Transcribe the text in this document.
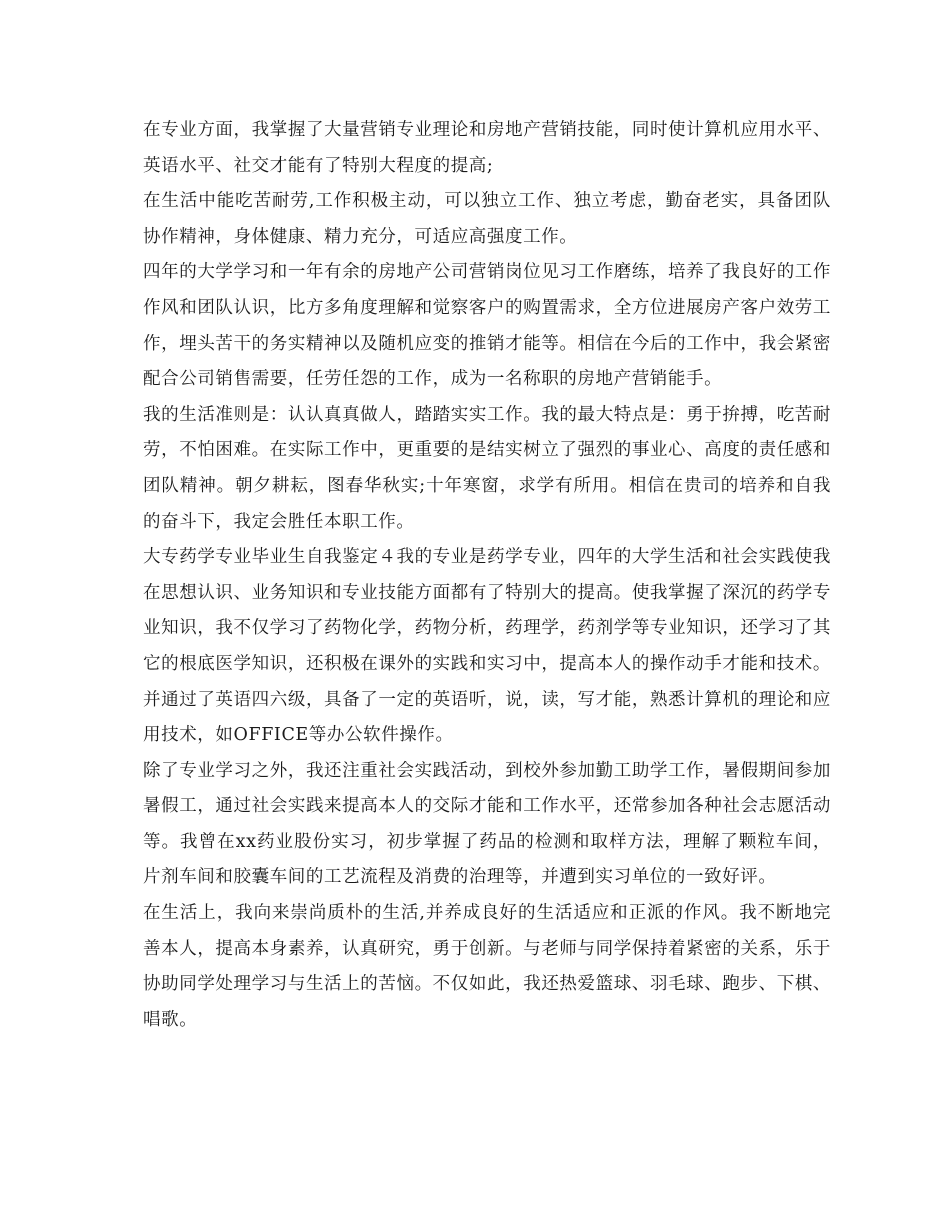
在专业方面，我掌握了大量营销专业理论和房地产营销技能，同时使计算机应用水平、英语水平、社交才能有了特别大程度的提高;

在生活中能吃苦耐劳,工作积极主动，可以独立工作、独立考虑，勤奋老实，具备团队协作精神，身体健康、精力充分，可适应高强度工作。

四年的大学学习和一年有余的房地产公司营销岗位见习工作磨练，培养了我良好的工作作风和团队认识，比方多角度理解和觉察客户的购置需求，全方位进展房产客户效劳工作，埋头苦干的务实精神以及随机应变的推销才能等。相信在今后的工作中，我会紧密配合公司销售需要，任劳任怨的工作，成为一名称职的房地产营销能手。

我的生活准则是：认认真真做人，踏踏实实工作。我的最大特点是：勇于拚搏，吃苦耐劳，不怕困难。在实际工作中，更重要的是结实树立了强烈的事业心、高度的责任感和团队精神。朝夕耕耘，图春华秋实;十年寒窗，求学有所用。相信在贵司的培养和自我的奋斗下，我定会胜任本职工作。

大专药学专业毕业生自我鉴定４我的专业是药学专业，四年的大学生活和社会实践使我在思想认识、业务知识和专业技能方面都有了特别大的提高。使我掌握了深沉的药学专业知识，我不仅学习了药物化学，药物分析，药理学，药剂学等专业知识，还学习了其它的根底医学知识，还积极在课外的实践和实习中，提高本人的操作动手才能和技术。并通过了英语四六级，具备了一定的英语听，说，读，写才能，熟悉计算机的理论和应用技术，如OFFICE等办公软件操作。

除了专业学习之外，我还注重社会实践活动，到校外参加勤工助学工作，暑假期间参加暑假工，通过社会实践来提高本人的交际才能和工作水平，还常参加各种社会志愿活动等。我曾在xx药业股份实习，初步掌握了药品的检测和取样方法，理解了颗粒车间，片剂车间和胶囊车间的工艺流程及消费的治理等，并遭到实习单位的一致好评。

在生活上，我向来崇尚质朴的生活,并养成良好的生活适应和正派的作风。我不断地完善本人，提高本身素养，认真研究，勇于创新。与老师与同学保持着紧密的关系，乐于协助同学处理学习与生活上的苦恼。不仅如此，我还热爱篮球、羽毛球、跑步、下棋、唱歌。
